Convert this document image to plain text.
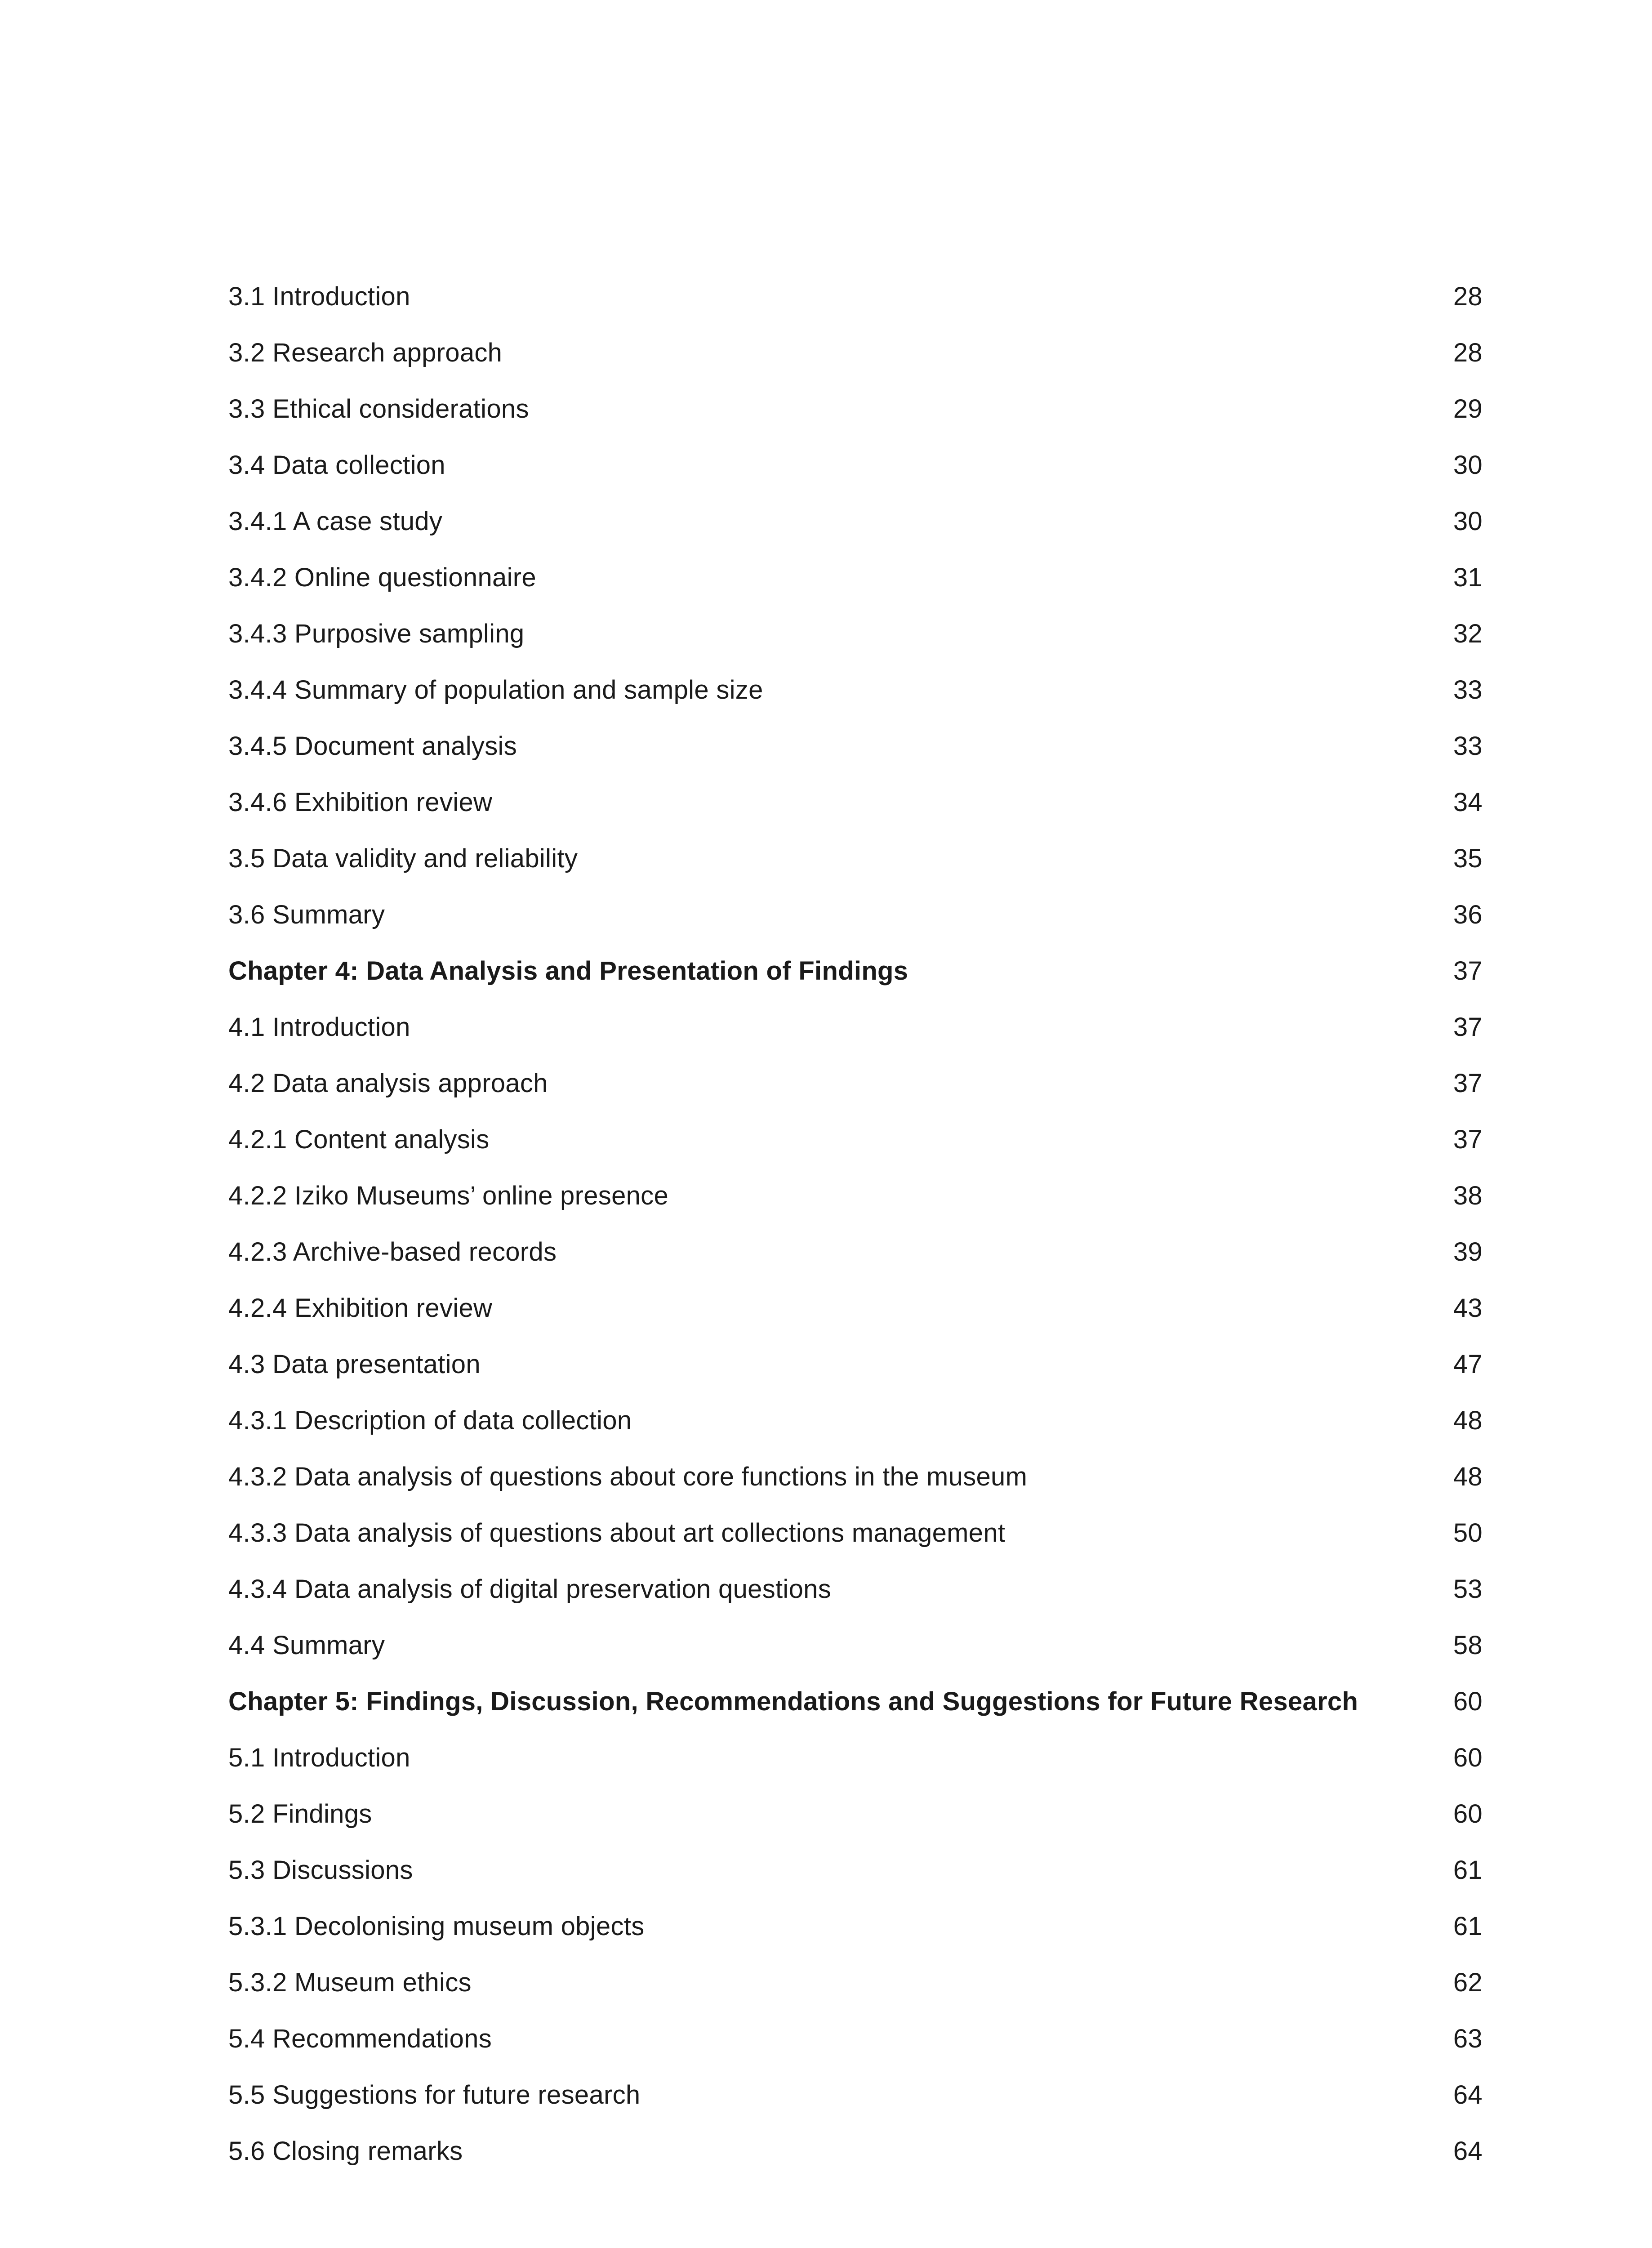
3.1 Introduction	28
3.2 Research approach	28
3.3 Ethical considerations	29
3.4 Data collection	30
3.4.1 A case study	30
3.4.2 Online questionnaire	31
3.4.3 Purposive sampling	32
3.4.4 Summary of population and sample size	33
3.4.5 Document analysis	33
3.4.6 Exhibition review	34
3.5 Data validity and reliability	35
3.6 Summary	36
Chapter 4: Data Analysis and Presentation of Findings	37
4.1 Introduction	37
4.2 Data analysis approach	37
4.2.1 Content analysis	37
4.2.2 Iziko Museums’ online presence	38
4.2.3 Archive-based records	39
4.2.4 Exhibition review	43
4.3 Data presentation	47
4.3.1 Description of data collection	48
4.3.2 Data analysis of questions about core functions in the museum	48
4.3.3 Data analysis of questions about art collections management	50
4.3.4 Data analysis of digital preservation questions	53
4.4 Summary	58
Chapter 5: Findings, Discussion, Recommendations and Suggestions for Future Research	60
5.1 Introduction	60
5.2 Findings	60
5.3 Discussions	61
5.3.1 Decolonising museum objects	61
5.3.2 Museum ethics	62
5.4 Recommendations	63
5.5 Suggestions for future research	64
5.6 Closing remarks	64
